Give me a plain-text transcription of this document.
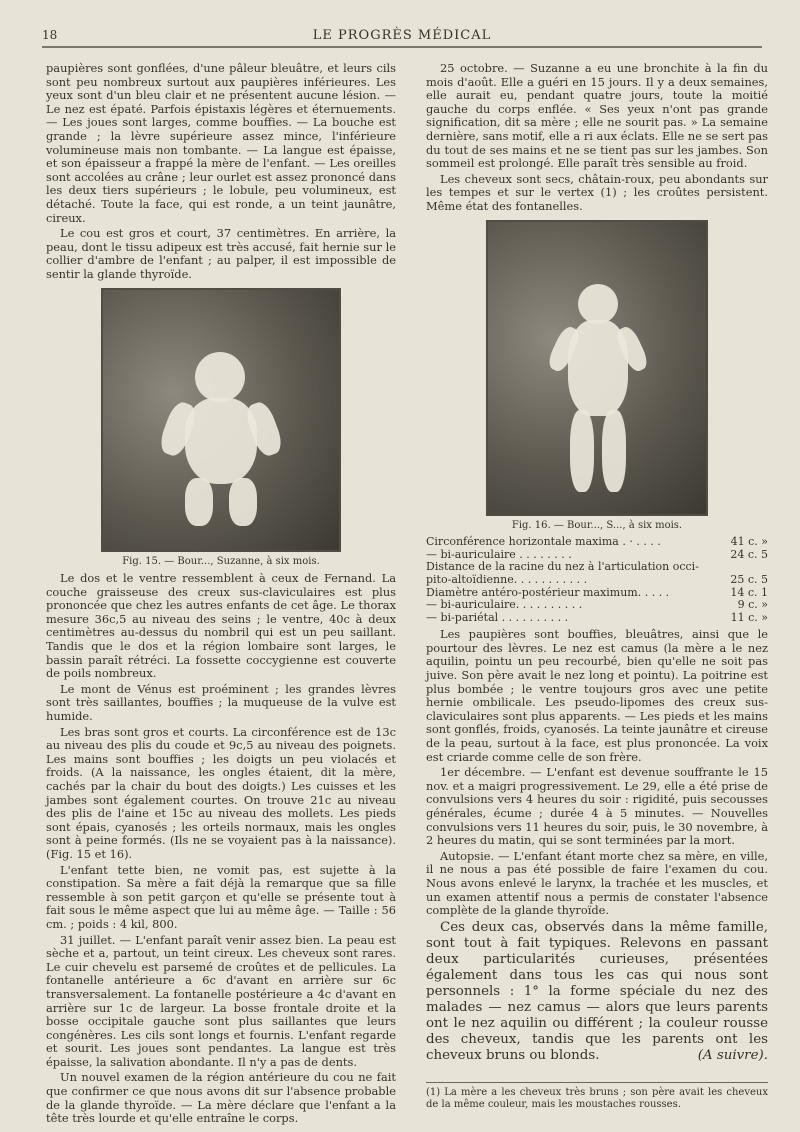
18	LE PROGRÈS MÉDICAL

paupières sont gonflées, d'une pâleur bleuâtre, et leurs cils sont peu nombreux surtout aux paupières inférieures. Les yeux sont d'un bleu clair et ne présentent aucune lésion. — Le nez est épaté. Parfois épistaxis légères et éternuements. — Les joues sont larges, comme bouffies. — La bouche est grande ; la lèvre supérieure assez mince, l'inférieure volumineuse mais non tombante. — La langue est épaisse, et son épaisseur a frappé la mère de l'enfant. — Les oreilles sont accolées au crâne ; leur ourlet est assez prononcé dans les deux tiers supérieurs ; le lobule, peu volumineux, est détaché. Toute la face, qui est ronde, a un teint jaunâtre, cireux.

Le cou est gros et court, 37 centimètres. En arrière, la peau, dont le tissu adipeux est très accusé, fait hernie sur le collier d'ambre de l'enfant ; au palper, il est impossible de sentir la glande thyroïde.

Fig. 15. — Bour..., Suzanne, à six mois.

Le dos et le ventre ressemblent à ceux de Fernand. La couche graisseuse des creux sus-claviculaires est plus prononcée que chez les autres enfants de cet âge. Le thorax mesure 36c,5 au niveau des seins ; le ventre, 40c à deux centimètres au-dessus du nombril qui est un peu saillant. Tandis que le dos et la région lombaire sont larges, le bassin paraît rétréci. La fossette coccygienne est couverte de poils nombreux.

Le mont de Vénus est proéminent ; les grandes lèvres sont très saillantes, bouffies ; la muqueuse de la vulve est humide.

Les bras sont gros et courts. La circonférence est de 13c au niveau des plis du coude et 9c,5 au niveau des poignets. Les mains sont bouffies ; les doigts un peu violacés et froids. (A la naissance, les ongles étaient, dit la mère, cachés par la chair du bout des doigts.) Les cuisses et les jambes sont également courtes. On trouve 21c au niveau des plis de l'aine et 15c au niveau des mollets. Les pieds sont épais, cyanosés ; les orteils normaux, mais les ongles sont à peine formés. (Ils ne se voyaient pas à la naissance). (Fig. 15 et 16).

L'enfant tette bien, ne vomit pas, est sujette à la constipation. Sa mère a fait déjà la remarque que sa fille ressemble à son petit garçon et qu'elle se présente tout à fait sous le même aspect que lui au même âge. — Taille : 56 cm. ; poids : 4 kil, 800.

31 juillet. — L'enfant paraît venir assez bien. La peau est sèche et a, partout, un teint cireux. Les cheveux sont rares. Le cuir chevelu est parsemé de croûtes et de pellicules. La fontanelle antérieure a 6c d'avant en arrière sur 6c transversalement. La fontanelle postérieure a 4c d'avant en arrière sur 1c de largeur. La bosse frontale droite et la bosse occipitale gauche sont plus saillantes que leurs congénères. Les cils sont longs et fournis. L'enfant regarde et sourit. Les joues sont pendantes. La langue est très épaisse, la salivation abondante. Il n'y a pas de dents.

Un nouvel examen de la région antérieure du cou ne fait que confirmer ce que nous avons dit sur l'absence probable de la glande thyroïde. — La mère déclare que l'enfant a la tête très lourde et qu'elle entraîne le corps.

25 octobre. — Suzanne a eu une bronchite à la fin du mois d'août. Elle a guéri en 15 jours. Il y a deux semaines, elle aurait eu, pendant quatre jours, toute la moitié gauche du corps enflée. « Ses yeux n'ont pas grande signification, dit sa mère ; elle ne sourit pas. » La semaine dernière, sans motif, elle a ri aux éclats. Elle ne se sert pas du tout de ses mains et ne se tient pas sur les jambes. Son sommeil est prolongé. Elle paraît très sensible au froid.

Les cheveux sont secs, châtain-roux, peu abondants sur les tempes et sur le vertex (1) ; les croûtes persistent. Même état des fontanelles.

Fig. 16. — Bour..., S..., à six mois.
Circonférence horizontale maxima . · . . . .	41 c. »
— bi-auriculaire . . . . . . . .	24 c. 5
Distance de la racine du nez à l'articulation occi-	
pito-altoïdienne. . . . . . . . . . .	25 c. 5
Diamètre antéro-postérieur maximum. . . . .	14 c. 1
— bi-auriculaire. . . . . . . . . .	9 c. »
— bi-pariétal . . . . . . . . . .	11 c. »

Les paupières sont bouffies, bleuâtres, ainsi que le pourtour des lèvres. Le nez est camus (la mère a le nez aquilin, pointu un peu recourbé, bien qu'elle ne soit pas juive. Son père avait le nez long et pointu). La poitrine est plus bombée ; le ventre toujours gros avec une petite hernie ombilicale. Les pseudo-lipomes des creux sus-claviculaires sont plus apparents. — Les pieds et les mains sont gonflés, froids, cyanosés. La teinte jaunâtre et cireuse de la peau, surtout à la face, est plus prononcée. La voix est criarde comme celle de son frère.

1er décembre. — L'enfant est devenue souffrante le 15 nov. et a maigri progressivement. Le 29, elle a été prise de convulsions vers 4 heures du soir : rigidité, puis secousses générales, écume ; durée 4 à 5 minutes. — Nouvelles convulsions vers 11 heures du soir, puis, le 30 novembre, à 2 heures du matin, qui se sont terminées par la mort.

Autopsie. — L'enfant étant morte chez sa mère, en ville, il ne nous a pas été possible de faire l'examen du cou. Nous avons enlevé le larynx, la trachée et les muscles, et un examen attentif nous a permis de constater l'absence complète de la glande thyroïde.

Ces deux cas, observés dans la même famille, sont tout à fait typiques. Relevons en passant deux particularités curieuses, présentées également dans tous les cas qui nous sont personnels : 1° la forme spéciale du nez des malades — nez camus — alors que leurs parents ont le nez aquilin ou différent ; la couleur rousse des cheveux, tandis que les parents ont les cheveux bruns ou blonds.	(A suivre).

(1) La mère a les cheveux très bruns ; son père avait les cheveux de la même couleur, mais les moustaches rousses.
